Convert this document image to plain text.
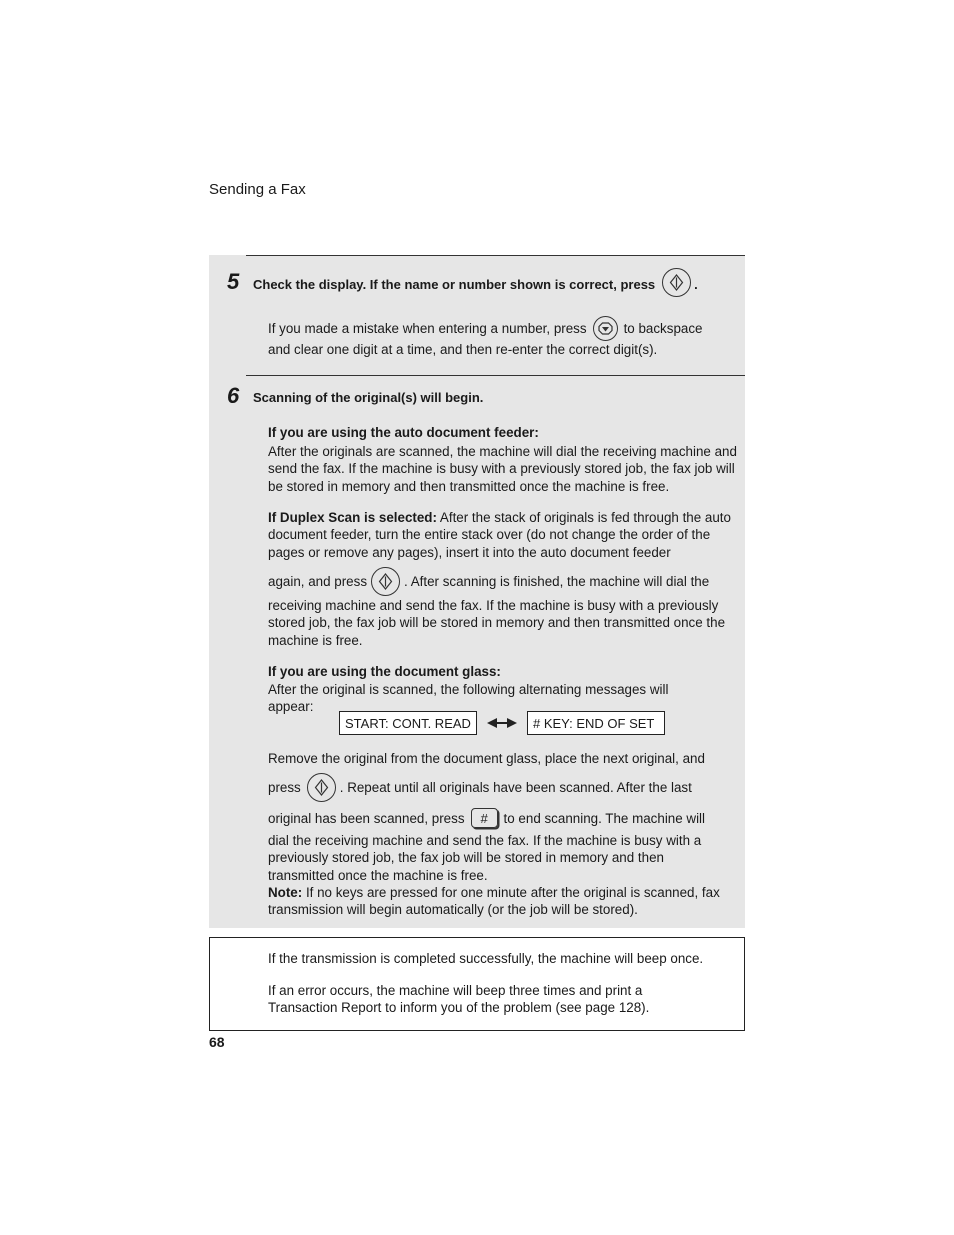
Sending a Fax
5 Check the display. If the name or number shown is correct, press	.
If you made a mistake when entering a number, press	to backspace
and clear one digit at a time, and then re-enter the correct digit(s).
6 Scanning of the original(s) will begin.
If you are using the auto document feeder:
After the originals are scanned, the machine will dial the receiving machine and send the fax. If the machine is busy with a previously stored job, the fax job will be stored in memory and then transmitted once the machine is free.
If Duplex Scan is selected: After the stack of originals is fed through the auto document feeder, turn the entire stack over (do not change the order of the pages or remove any pages), insert it into the auto document feeder
again, and press	. After scanning is finished, the machine will dial the
receiving machine and send the fax. If the machine is busy with a previously stored job, the fax job will be stored in memory and then transmitted once the machine is free.
If you are using the document glass:
After the original is scanned, the following alternating messages will appear:
START: CONT. READ	# KEY: END OF SET
Remove the original from the document glass, place the next original, and
press	. Repeat until all originals have been scanned. After the last
original has been scanned, press	#	to end scanning. The machine will
dial the receiving machine and send the fax. If the machine is busy with a previously stored job, the fax job will be stored in memory and then transmitted once the machine is free.
Note: If no keys are pressed for one minute after the original is scanned, fax transmission will begin automatically (or the job will be stored).
If the transmission is completed successfully, the machine will beep once.
If an error occurs, the machine will beep three times and print a Transaction Report to inform you of the problem (see page 128).
68
